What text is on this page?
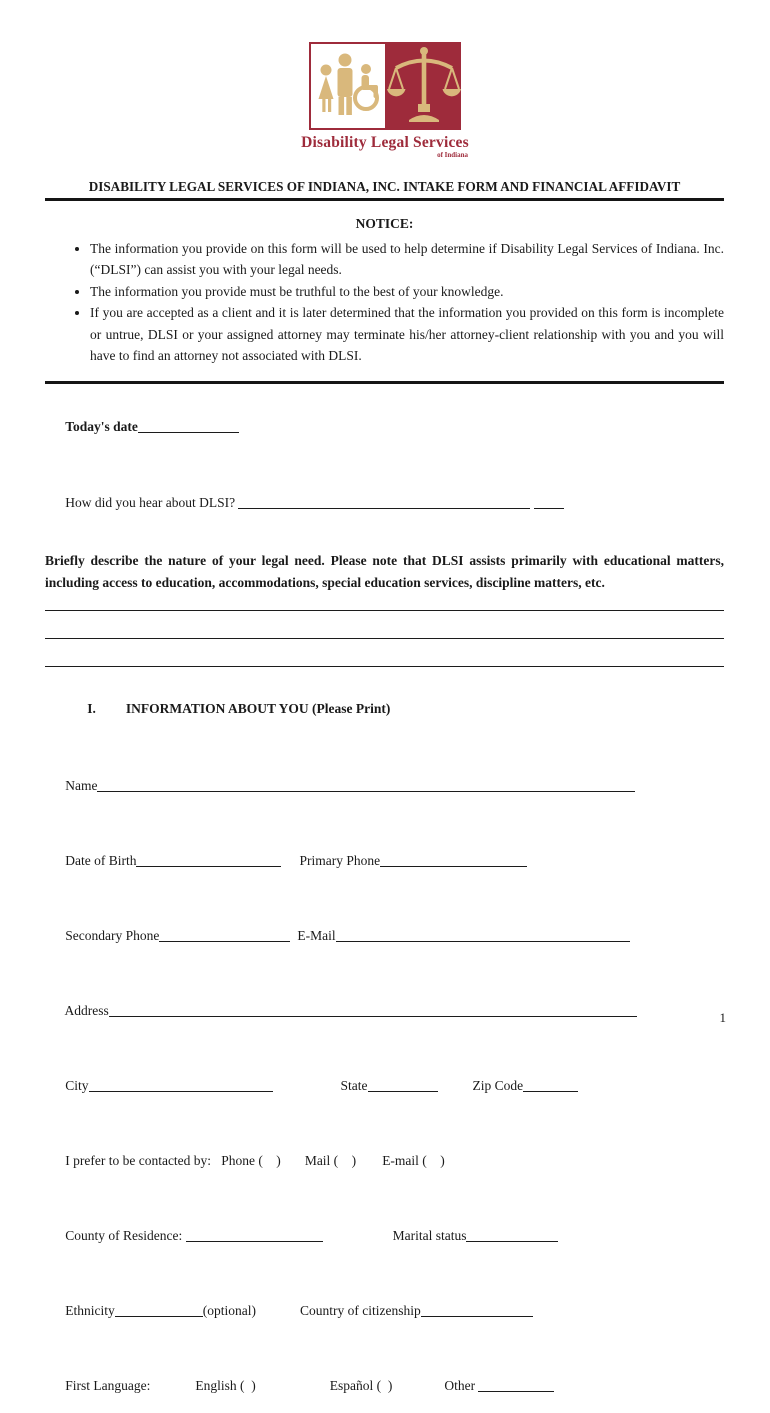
Disability Legal Services
of Indiana
DISABILITY LEGAL SERVICES OF INDIANA, INC. INTAKE FORM AND FINANCIAL AFFIDAVIT
NOTICE:
• The information you provide on this form will be used to help determine if Disability Legal Services of Indiana. Inc. (“DLSI”) can assist you with your legal needs.
• The information you provide must be truthful to the best of your knowledge.
• If you are accepted as a client and it is later determined that the information you provided on this form is incomplete or untrue, DLSI or your assigned attorney may terminate his/her attorney-client relationship with you and you will have to find an attorney not associated with DLSI.

Today's date

How did you hear about DLSI?

Briefly describe the nature of your legal need. Please note that DLSI assists primarily with educational matters, including access to education, accommodations, special education services, discipline matters, etc.

I. INFORMATION ABOUT YOU (Please Print)

Name

Date of Birth	Primary Phone

Secondary Phone	E-Mail

Address

City	State	Zip Code

I prefer to be contacted by:   Phone (    ) Mail (    ) E-mail (    )

County of Residence:	Marital status

Ethnicity	(optional)	Country of citizenship

First Language:	English (  )	Español (  )	Other

1
